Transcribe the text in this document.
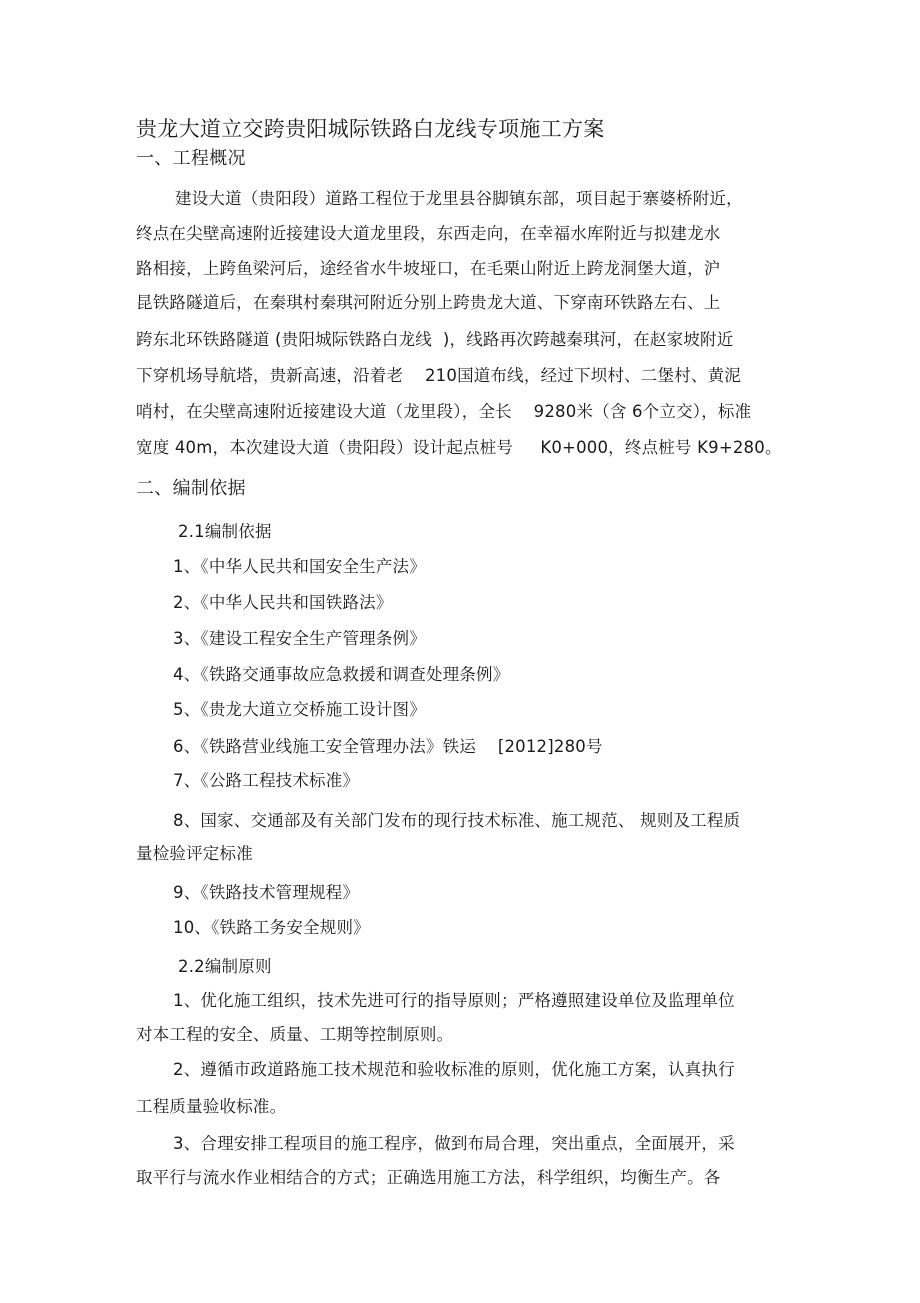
贵龙大道立交跨贵阳城际铁路白龙线专项施工方案
一、工程概况
建设大道（贵阳段）道路工程位于龙里县谷脚镇东部，项目起于寨婆桥附近，
终点在尖壁高速附近接建设大道龙里段，东西走向，在幸福水库附近与拟建龙水
路相接，上跨鱼梁河后，途经省水牛坡垭口，在毛栗山附近上跨龙洞堡大道，沪
昆铁路隧道后，在秦琪村秦琪河附近分别上跨贵龙大道、下穿南环铁路左右、上
跨东北环铁路隧道 (贵阳城际铁路白龙线  )，线路再次跨越秦琪河，在赵家坡附近
下穿机场导航塔，贵新高速，沿着老    210国道布线，经过下坝村、二堡村、黄泥
哨村，在尖壁高速附近接建设大道（龙里段），全长    9280米（含 6个立交），标准
宽度 40m，本次建设大道（贵阳段）设计起点桩号     K0+000，终点桩号 K9+280。
二、编制依据
2.1编制依据
1、《中华人民共和国安全生产法》
2、《中华人民共和国铁路法》
3、《建设工程安全生产管理条例》
4、《铁路交通事故应急救援和调查处理条例》
5、《贵龙大道立交桥施工设计图》
6、《铁路营业线施工安全管理办法》铁运    [2012]280号
7、《公路工程技术标准》
8、国家、交通部及有关部门发布的现行技术标准、施工规范、 规则及工程质
量检验评定标准
9、《铁路技术管理规程》
10、《铁路工务安全规则》
2.2编制原则
1、优化施工组织，技术先进可行的指导原则；严格遵照建设单位及监理单位
对本工程的安全、质量、工期等控制原则。
2、遵循市政道路施工技术规范和验收标准的原则，优化施工方案，认真执行
工程质量验收标准。
3、合理安排工程项目的施工程序，做到布局合理，突出重点，全面展开，采
取平行与流水作业相结合的方式；正确选用施工方法，科学组织，均衡生产。各
